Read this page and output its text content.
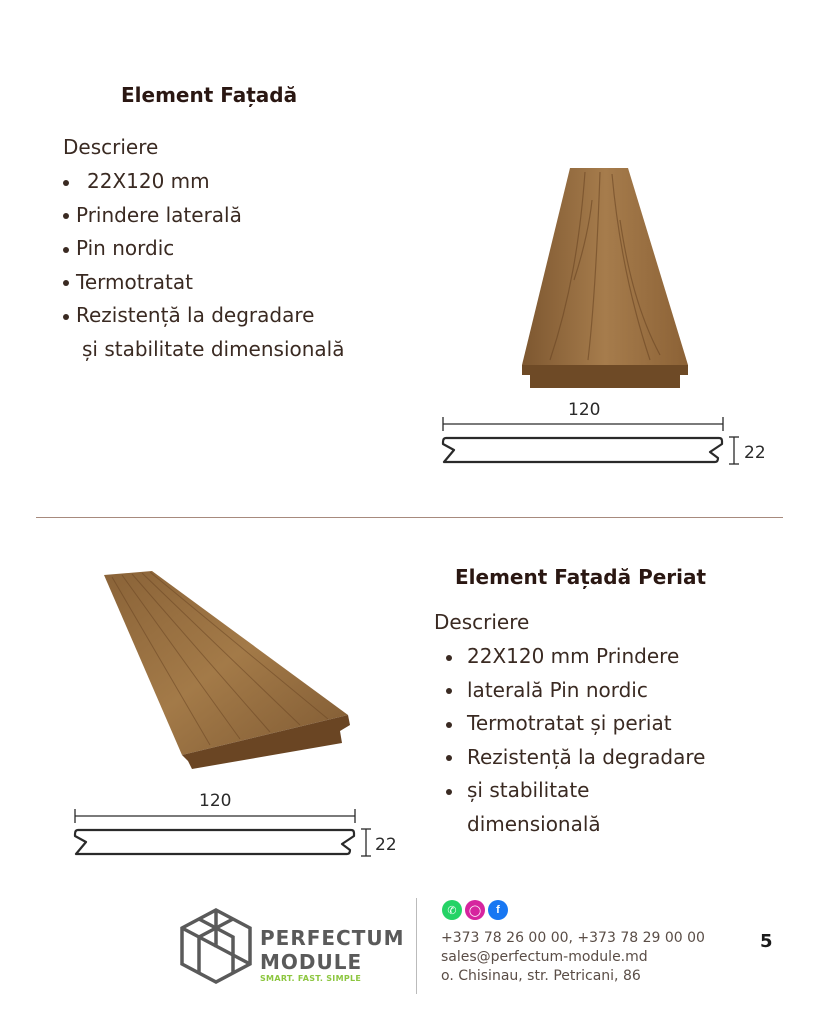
Element Fațadă
Descriere
22X120 mm
Prindere laterală
Pin nordic
Termotratat
Rezistență la degradare
și stabilitate dimensională
120
22
Element Fațadă Periat
Descriere
22X120 mm Prindere
laterală Pin nordic
Termotratat și periat
Rezistență la degradare
și stabilitate
dimensională
120
22
PERFECTUM
MODULE
SMART. FAST. SIMPLE
✆	◯	f
+373 78 26 00 00, +373 78 29 00 00
sales@perfectum-module.md
o. Chisinau, str. Petricani, 86
5
